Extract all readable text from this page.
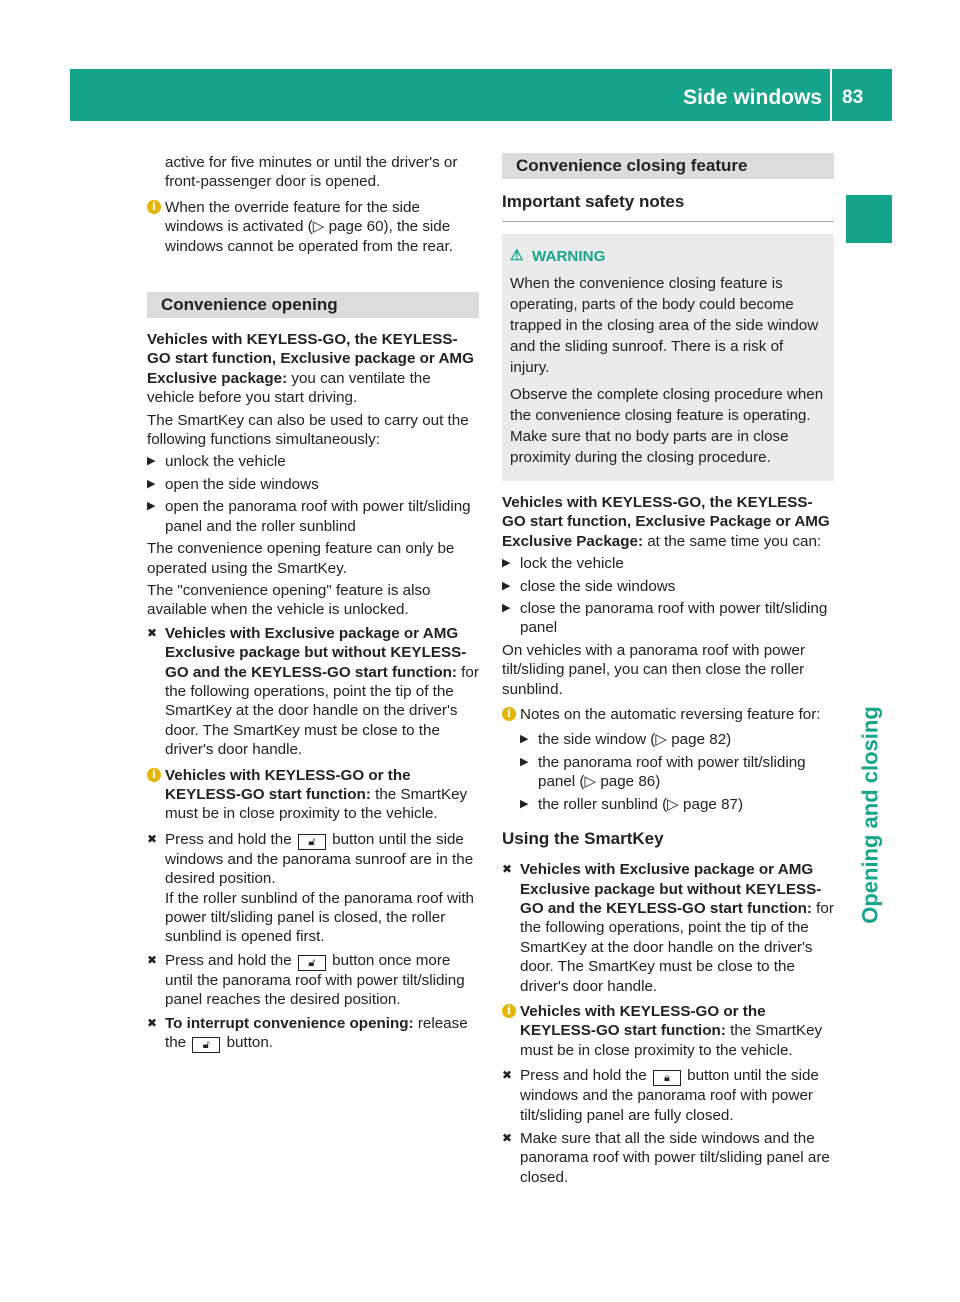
Side windows 83
Opening and closing

active for five minutes or until the driver's or front-passenger door is opened.

i When the override feature for the side windows is activated (▷ page 60), the side windows cannot be operated from the rear.
Convenience opening

Vehicles with KEYLESS-GO, the KEYLESS-GO start function, Exclusive package or AMG Exclusive package: you can ventilate the vehicle before you start driving.

The SmartKey can also be used to carry out the following functions simultaneously:

▶ unlock the vehicle
▶ open the side windows
▶ open the panorama roof with power tilt/sliding panel and the roller sunblind

The convenience opening feature can only be operated using the SmartKey.

The "convenience opening" feature is also available when the vehicle is unlocked.

✖ Vehicles with Exclusive package or AMG Exclusive package but without KEYLESS-GO and the KEYLESS-GO start function: for the following operations, point the tip of the SmartKey at the door handle on the driver's door. The SmartKey must be close to the driver's door handle.
i Vehicles with KEYLESS-GO or the KEYLESS-GO start function: the SmartKey must be in close proximity to the vehicle.
✖ Press and hold the 🔓︎ button until the side windows and the panorama sunroof are in the desired position.
If the roller sunblind of the panorama roof with power tilt/sliding panel is closed, the roller sunblind is opened first.
✖ Press and hold the 🔓︎ button once more until the panorama roof with power tilt/sliding panel reaches the desired position.
✖ To interrupt convenience opening: release the 🔓︎ button.
Convenience closing feature
Important safety notes
⚠︎ WARNING

When the convenience closing feature is operating, parts of the body could become trapped in the closing area of the side window and the sliding sunroof. There is a risk of injury.

Observe the complete closing procedure when the convenience closing feature is operating. Make sure that no body parts are in close proximity during the closing procedure.

Vehicles with KEYLESS-GO, the KEYLESS-GO start function, Exclusive Package or AMG Exclusive Package: at the same time you can:

▶ lock the vehicle
▶ close the side windows
▶ close the panorama roof with power tilt/sliding panel

On vehicles with a panorama roof with power tilt/sliding panel, you can then close the roller sunblind.

i Notes on the automatic reversing feature for:
▶ the side window (▷ page 82)
▶ the panorama roof with power tilt/sliding panel (▷ page 86)
▶ the roller sunblind (▷ page 87)
Using the SmartKey
✖ Vehicles with Exclusive package or AMG Exclusive package but without KEYLESS-GO and the KEYLESS-GO start function: for the following operations, point the tip of the SmartKey at the door handle on the driver's door. The SmartKey must be close to the driver's door handle.
i Vehicles with KEYLESS-GO or the KEYLESS-GO start function: the SmartKey must be in close proximity to the vehicle.
✖ Press and hold the 🔒︎ button until the side windows and the panorama roof with power tilt/sliding panel are fully closed.
✖ Make sure that all the side windows and the panorama roof with power tilt/sliding panel are closed.
